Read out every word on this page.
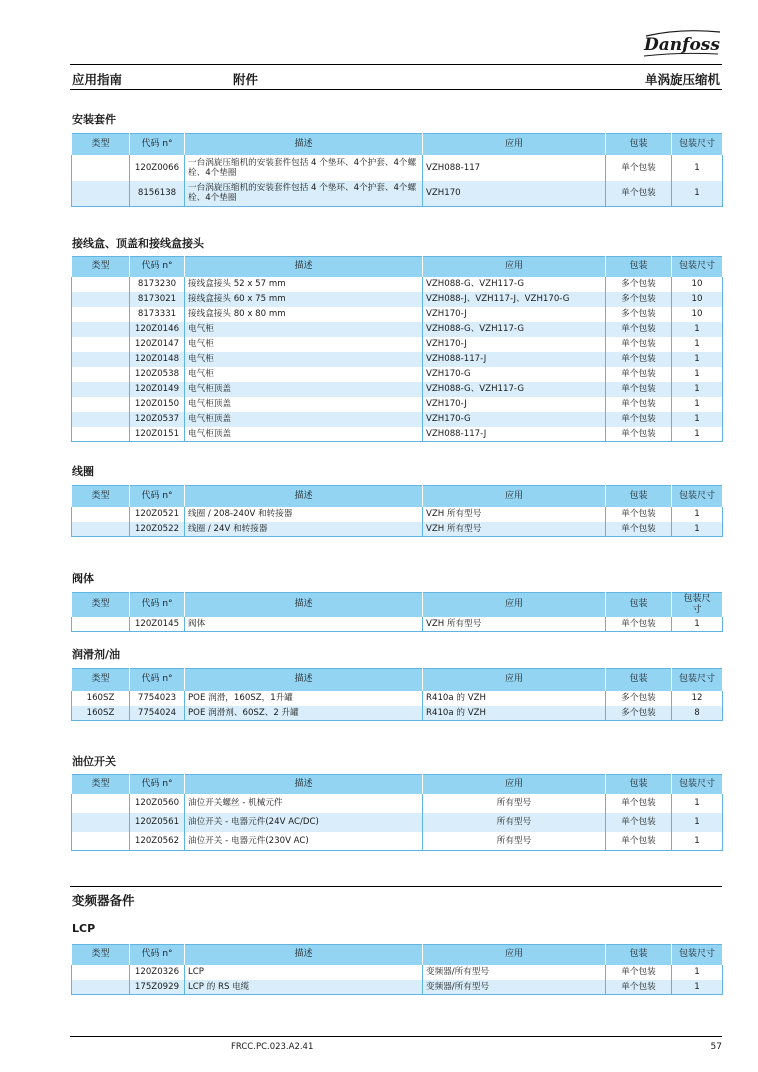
Danfoss
应用指南	附件	单涡旋压缩机
安装套件
类型	代码 n°	描述	应用	包装	包装尺寸
	120Z0066	一台涡旋压缩机的安装套件包括 4 个垫环、4个护套、4个螺栓、4个垫圈	VZH088-117	单个包装	1
	8156138	一台涡旋压缩机的安装套件包括 4 个垫环、4个护套、4个螺栓、4个垫圈	VZH170	单个包装	1
接线盒、顶盖和接线盒接头
类型	代码 n°	描述	应用	包装	包装尺寸
	8173230	接线盒接头 52 x 57 mm	VZH088-G、VZH117-G	多个包装	10
	8173021	接线盒接头 60 x 75 mm	VZH088-J、VZH117-J、VZH170-G	多个包装	10
	8173331	接线盒接头 80 x 80 mm	VZH170-J	多个包装	10
	120Z0146	电气柜	VZH088-G、VZH117-G	单个包装	1
	120Z0147	电气柜	VZH170-J	单个包装	1
	120Z0148	电气柜	VZH088-117-J	单个包装	1
	120Z0538	电气柜	VZH170-G	单个包装	1
	120Z0149	电气柜顶盖	VZH088-G、VZH117-G	单个包装	1
	120Z0150	电气柜顶盖	VZH170-J	单个包装	1
	120Z0537	电气柜顶盖	VZH170-G	单个包装	1
	120Z0151	电气柜顶盖	VZH088-117-J	单个包装	1
线圈
类型	代码 n°	描述	应用	包装	包装尺寸
	120Z0521	线圈 / 208-240V 和转接器	VZH 所有型号	单个包装	1
	120Z0522	线圈 / 24V 和转接器	VZH 所有型号	单个包装	1
阀体
类型	代码 n°	描述	应用	包装	包装尺寸
	120Z0145	阀体	VZH 所有型号	单个包装	1
润滑剂/油
类型	代码 n°	描述	应用	包装	包装尺寸
160SZ	7754023	POE 润滑，160SZ，1升罐	R410a 的 VZH	多个包装	12
160SZ	7754024	POE 润滑剂、60SZ、2 升罐	R410a 的 VZH	多个包装	8
油位开关
类型	代码 n°	描述	应用	包装	包装尺寸
	120Z0560	油位开关螺丝 - 机械元件	所有型号	单个包装	1
	120Z0561	油位开关 - 电器元件(24V AC/DC)	所有型号	单个包装	1
	120Z0562	油位开关 - 电器元件(230V AC)	所有型号	单个包装	1
变频器备件
LCP
类型	代码 n°	描述	应用	包装	包装尺寸
	120Z0326	LCP	变频器/所有型号	单个包装	1
	175Z0929	LCP 的 RS 电缆	变频器/所有型号	单个包装	1
FRCC.PC.023.A2.41	57
